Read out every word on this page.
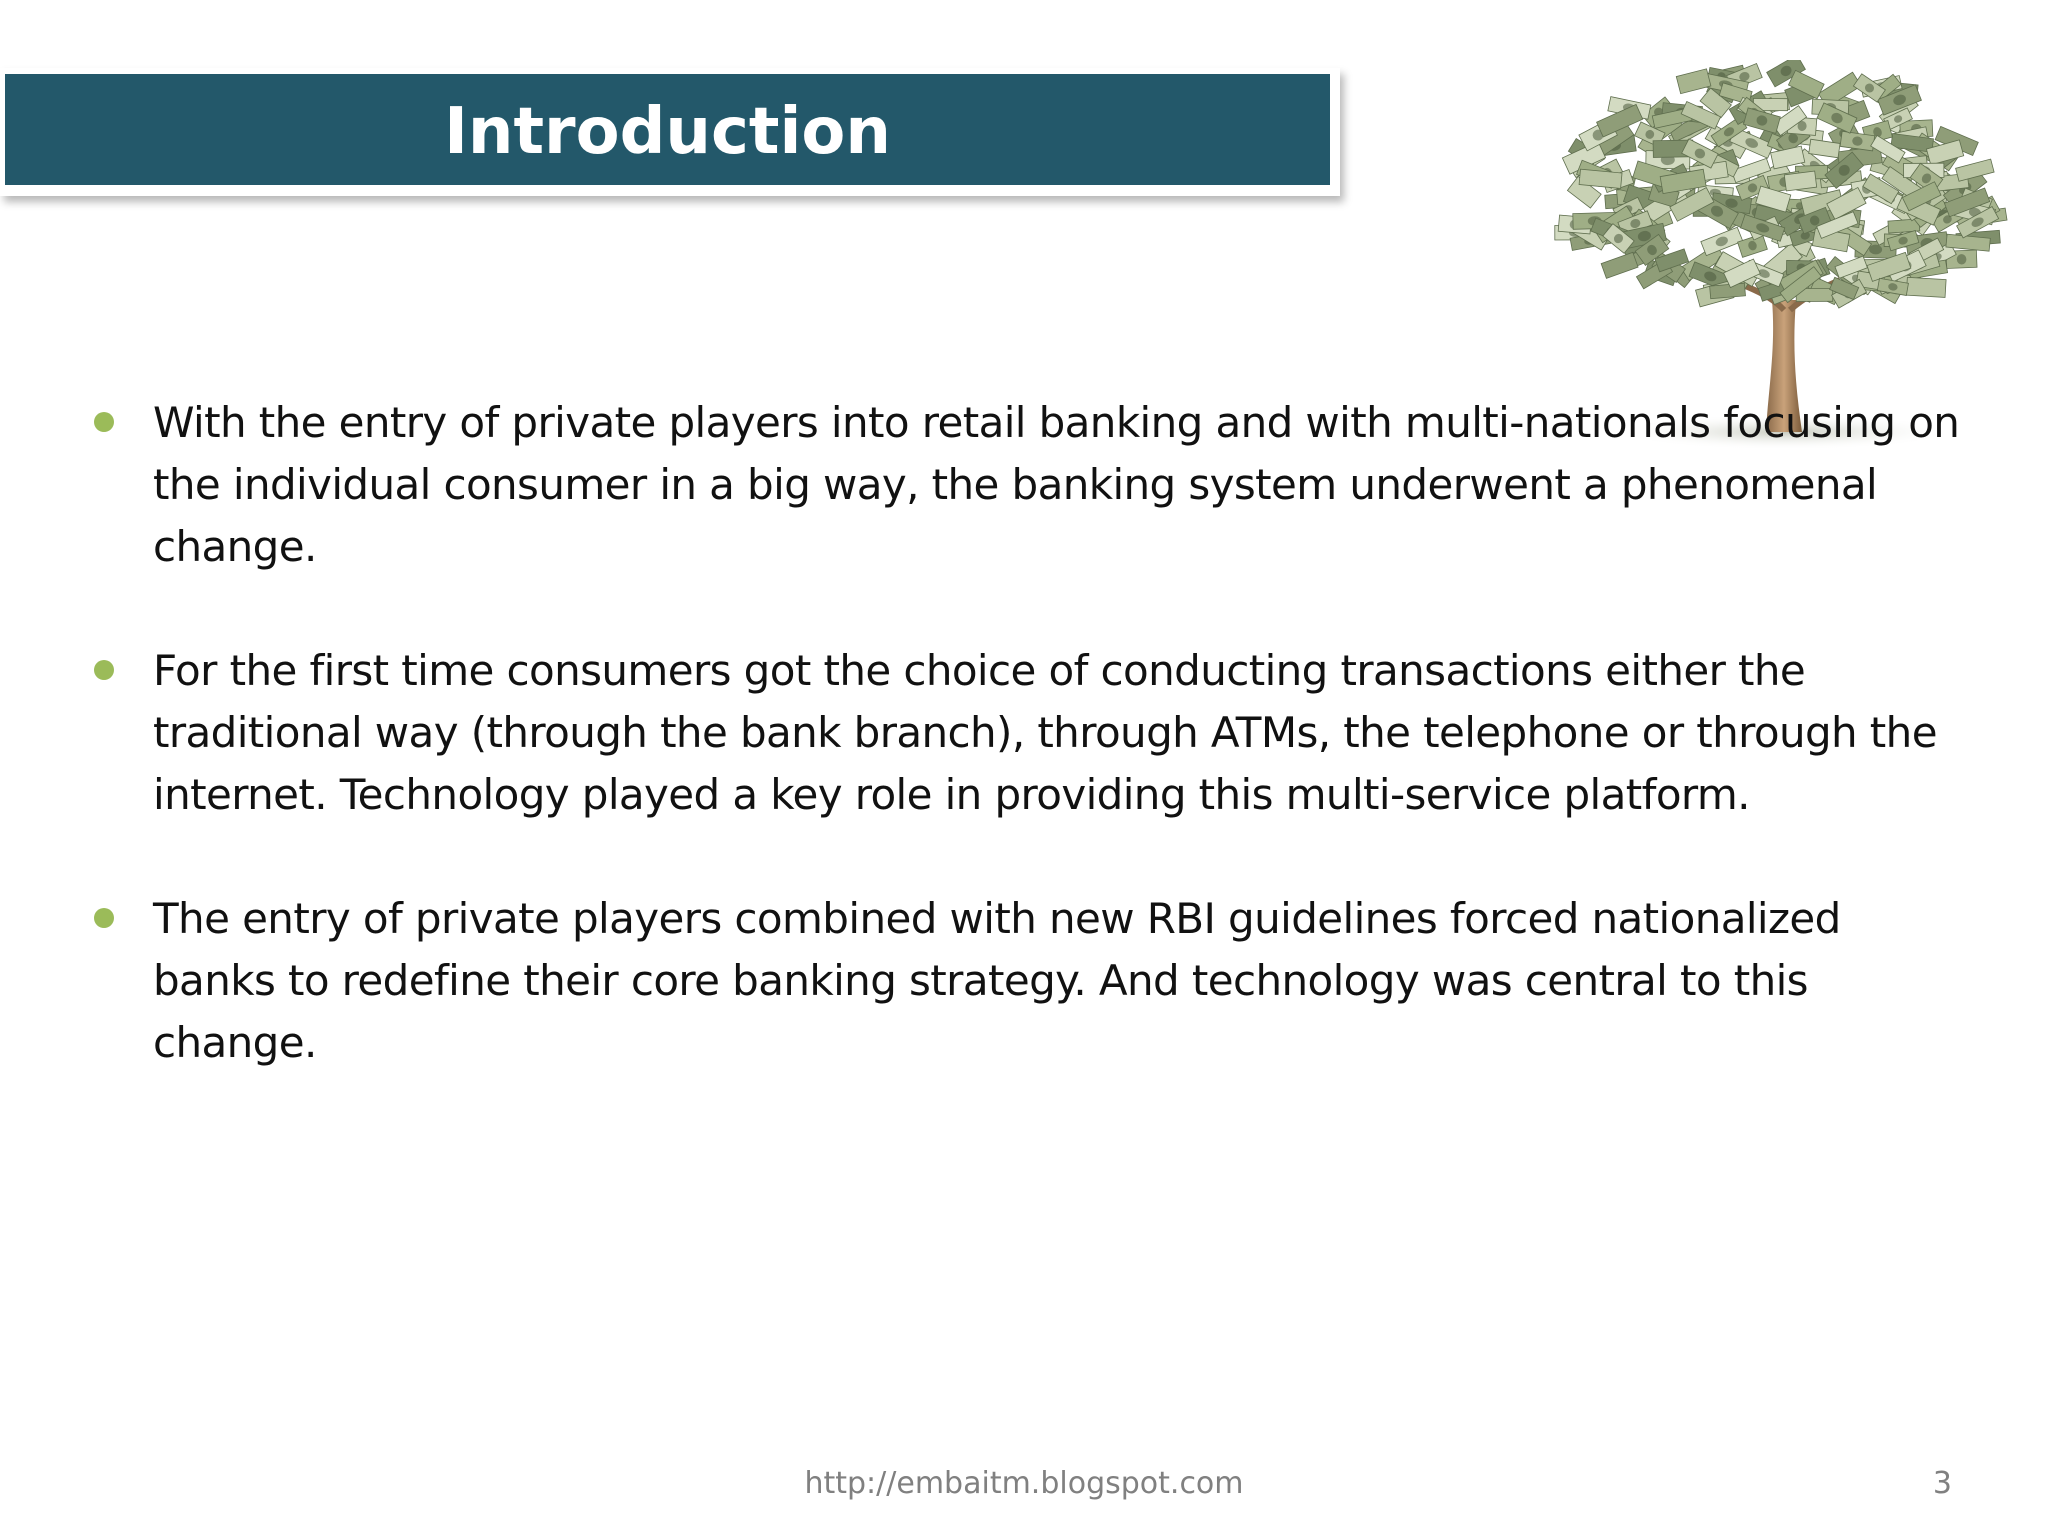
Introduction
With the entry of private players into retail banking and with multi-nationals focusing on the individual consumer in a big way, the banking system underwent a phenomenal change.
For the first time consumers got the choice of conducting transactions either the traditional way (through the bank branch), through ATMs, the telephone or through the internet. Technology played a key role in providing this multi-service platform.
The entry of private players combined with new RBI guidelines forced nationalized banks to redefine their core banking strategy. And technology was central to this change.
http://embaitm.blogspot.com	3
